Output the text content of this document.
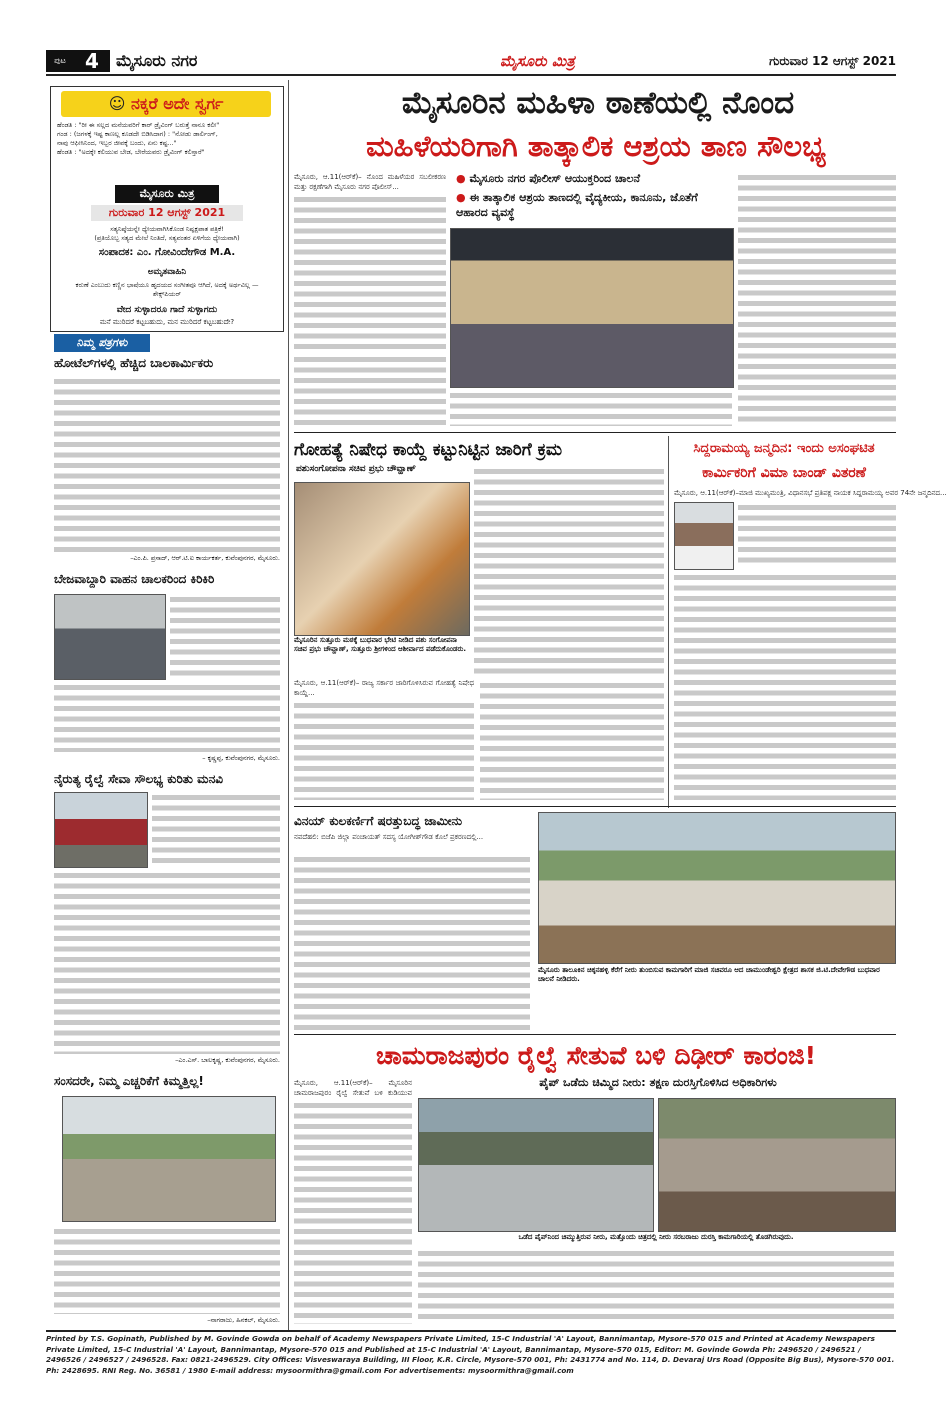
ಪುಟ 4	ಮೈಸೂರು ನಗರ	ಮೈಸೂರು ಮಿತ್ರ	ಗುರುವಾರ 12 ಆಗಸ್ಟ್ 2021
☺ ನಕ್ಕರೆ ಅದೇ ಸ್ವರ್ಗ
ಹೆಂಡತಿ : "ರೀ ಈ ಸಲ್ಲದ ಮನೆಯವರಿಗೆ ಕಾರ್ ಡ್ರೈವಿಂಗ್ ಬರುತ್ತೆ ನಾನೂ ಕಲೀ"
ಗಂಡ : (ಜಗಳಕ್ಕೆ ಇಷ್ಟ ಕಾಣಲ್ಲ ಕೂಡದೇ ಬಿಡಿಸಿದಾಗ) : "ನೋಡು ಡಾರ್ಲಿಂಗ್,
ನಾವು ಆಫೀಸಿನಿಂದ, ಇಬ್ಬರ ಜೀವಕ್ಕೆ ಬಂದು, ಏನು ಕಷ್ಟ..."
ಹೆಂಡತಿ : "ಅದಕ್ಕೇ ಕಲಿಯುವ ಬೇಡ, ಬೇರೆಯವರು ಡ್ರೈವಿಂಗ್ ಕಲಿಸ್ತಾರೆ"
ಮೈಸೂರು ಮಿತ್ರ
ಗುರುವಾರ 12 ಆಗಸ್ಟ್ 2021
ಸತ್ಯನಿಷ್ಠೆಯನ್ನೇ ಧ್ಯೇಯವಾಗಿಸಿಕೊಂಡ ನಿಷ್ಪಕ್ಷಪಾತ ಪತ್ರಿಕೆ!
(ಪ್ರತಿಯೊಬ್ಬ ಸತ್ಯದ ಮೇಲೆ ನಿಂತಿದೆ, ಸತ್ಯವಂತರ ಏಳಿಗೆಯ ಧ್ಯೇಯವಾಗಿ)
ಸಂಪಾದಕ: ಎಂ. ಗೋವಿಂದೇಗೌಡ M.A.
ಅಮೃತವಾಹಿನಿ
ಕರುಣೆ ಎಂಬುದು ಕಣ್ಣಿನ ಭಾಷೆಯೂ ಹೃದಯದ ಸಂಗೀತವೂ ಆಗಿದೆ, ಅದಕ್ಕೆ ಅರ್ಥವಿಲ್ಲ — ಶೇಕ್ಸ್‌ಪಿಯರ್
ವೇದ ಸುಳ್ಳಾದರೂ ಗಾದೆ ಸುಳ್ಳಾಗದು
ಮನೆ ಮುರಿದರೆ ಕಟ್ಟಬಹುದು, ಮನ ಮುರಿದರೆ ಕಟ್ಟಬಹುದೇ?
ನಿಮ್ಮ ಪತ್ರಗಳು
ಹೋಟೆಲ್‌ಗಳಲ್ಲಿ ಹೆಚ್ಚಿದ ಬಾಲಕಾರ್ಮಿಕರು
–ಎಂ.ಪಿ. ಪ್ರಸಾದ್, ಆರ್.ಟಿ.ಐ ಕಾರ್ಯಕರ್ತ, ಕುವೆಂಪುನಗರ, ಮೈಸೂರು.
ಬೇಜವಾಬ್ದಾರಿ ವಾಹನ ಚಾಲಕರಿಂದ ಕಿರಿಕಿರಿ
– ಕೃಷ್ಣಪ್ಪ, ಕುವೆಂಪುನಗರ, ಮೈಸೂರು.
ನೈರುತ್ಯ ರೈಲ್ವೆ ಸೇವಾ ಸೌಲಭ್ಯ ಕುರಿತು ಮನವಿ
–ಎಂ.ಎಸ್. ಬಾಲಕೃಷ್ಣ, ಕುವೆಂಪುನಗರ, ಮೈಸೂರು.
ಸಂಸದರೇ, ನಿಮ್ಮ ಎಚ್ಚರಿಕೆಗೆ ಕಿಮ್ಮತ್ತಿಲ್ಲ!
–ನಾಗರಾಜು, ಹಿನಕಲ್, ಮೈಸೂರು.
ಮೈಸೂರಿನ ಮಹಿಳಾ ಠಾಣೆಯಲ್ಲಿ ನೊಂದ
ಮಹಿಳೆಯರಿಗಾಗಿ ತಾತ್ಕಾಲಿಕ ಆಶ್ರಯ ತಾಣ ಸೌಲಭ್ಯ
ಮೈಸೂರು, ಆ.11(ಆರ್‌ಕೆ)– ನೊಂದ ಮಹಿಳೆಯರ ಸಬಲೀಕರಣ ಮತ್ತು ರಕ್ಷಣೆಗಾಗಿ ಮೈಸೂರು ನಗರ ಪೊಲೀಸ್...
● ಮೈಸೂರು ನಗರ ಪೊಲೀಸ್ ಆಯುಕ್ತರಿಂದ ಚಾಲನೆ
● ಈ ತಾತ್ಕಾಲಿಕ ಆಶ್ರಯ ತಾಣದಲ್ಲಿ ವೈದ್ಯಕೀಯ, ಕಾನೂನು, ಜೊತೆಗೆ ಆಹಾರದ ವ್ಯವಸ್ಥೆ
ಗೋಹತ್ಯೆ ನಿಷೇಧ ಕಾಯ್ದೆ ಕಟ್ಟುನಿಟ್ಟಿನ ಜಾರಿಗೆ ಕ್ರಮ
ಪಶುಸಂಗೋಪನಾ ಸಚಿವ ಪ್ರಭು ಚೌವ್ಹಾಣ್
ಮೈಸೂರಿನ ಸುತ್ತೂರು ಮಠಕ್ಕೆ ಬುಧವಾರ ಭೇಟಿ ನೀಡಿದ ಪಶು ಸಂಗೋಪನಾ ಸಚಿವ ಪ್ರಭು ಚೌವ್ಹಾಣ್, ಸುತ್ತೂರು ಶ್ರೀಗಳಿಂದ ಆಶೀರ್ವಾದ ಪಡೆದುಕೊಂಡರು.
ಮೈಸೂರು, ಆ.11(ಆರ್‌ಕೆ)– ರಾಜ್ಯ ಸರ್ಕಾರ ಜಾರಿಗೊಳಿಸಿರುವ ಗೋಹತ್ಯೆ ನಿಷೇಧ ಕಾಯ್ದೆ...
ಸಿದ್ದರಾಮಯ್ಯ ಜನ್ಮದಿನ: ಇಂದು ಅಸಂಘಟಿತ
ಕಾರ್ಮಿಕರಿಗೆ ವಿಮಾ ಬಾಂಡ್ ವಿತರಣೆ
ಮೈಸೂರು, ಆ.11(ಆರ್‌ಕೆ)–ಮಾಜಿ ಮುಖ್ಯಮಂತ್ರಿ, ವಿಧಾನಸಭೆ ಪ್ರತಿಪಕ್ಷ ನಾಯಕ ಸಿದ್ದರಾಮಯ್ಯ ಅವರ 74ನೇ ಜನ್ಮದಿನದ...
ವಿನಯ್ ಕುಲಕರ್ಣಿಗೆ ಷರತ್ತುಬದ್ಧ ಜಾಮೀನು
ನವದೆಹಲಿ: ಬಿಜೆಪಿ ಜಿಲ್ಲಾ ಪಂಚಾಯತ್ ಸದಸ್ಯ ಯೋಗೀಶ್‌ಗೌಡ ಕೊಲೆ ಪ್ರಕರಣದಲ್ಲಿ...
ಮೈಸೂರು ತಾಲೂಕಿನ ಚಿಕ್ಕನಹಳ್ಳಿ ಕೆರೆಗೆ ನೀರು ತುಂಬಿಸುವ ಕಾಮಗಾರಿಗೆ ಮಾಜಿ ಸಚಿವರೂ ಆದ ಚಾಮುಂಡೇಶ್ವರಿ ಕ್ಷೇತ್ರದ ಶಾಸಕ ಜಿ.ಟಿ.ದೇವೇಗೌಡ ಬುಧವಾರ ಚಾಲನೆ ನೀಡಿದರು.
ಚಾಮರಾಜಪುರಂ ರೈಲ್ವೆ ಸೇತುವೆ ಬಳಿ ದಿಢೀರ್ ಕಾರಂಜಿ!
ಪೈಪ್ ಒಡೆದು ಚಿಮ್ಮಿದ ನೀರು: ತಕ್ಷಣ ದುರಸ್ತಿಗೊಳಿಸಿದ ಅಧಿಕಾರಿಗಳು
ಮೈಸೂರು, ಆ.11(ಆರ್‌ಕೆ)– ಮೈಸೂರಿನ ಚಾಮರಾಜಪುರಂ ರೈಲ್ವೆ ಸೇತುವೆ ಬಳಿ ಕುಡಿಯುವ
ಒಡೆದ ಪೈಪ್‌ನಿಂದ ಚಿಮ್ಮುತ್ತಿರುವ ನೀರು, ಮತ್ತೊಂದು ಚಿತ್ರದಲ್ಲಿ ನೀರು ಸರಬರಾಜು ದುರಸ್ತಿ ಕಾಮಗಾರಿಯಲ್ಲಿ ತೊಡಗಿರುವುದು.
Printed by T.S. Gopinath, Published by M. Govinde Gowda on behalf of Academy Newspapers Private Limited, 15-C Industrial 'A' Layout, Bannimantap, Mysore-570 015 and Printed at Academy Newspapers Private Limited, 15-C Industrial 'A' Layout, Bannimantap, Mysore-570 015 and Published at 15-C Industrial 'A' Layout, Bannimantap, Mysore-570 015, Editor: M. Govinde Gowda Ph: 2496520 / 2496521 / 2496526 / 2496527 / 2496528. Fax: 0821-2496529. City Offices: Visveswaraya Building, III Floor, K.R. Circle, Mysore-570 001, Ph: 2431774 and No. 114, D. Devaraj Urs Road (Opposite Big Bus), Mysore-570 001. Ph: 2428695. RNI Reg. No. 36581 / 1980 E-mail address: mysoormithra@gmail.com For advertisements: mysoormithra@gmail.com
